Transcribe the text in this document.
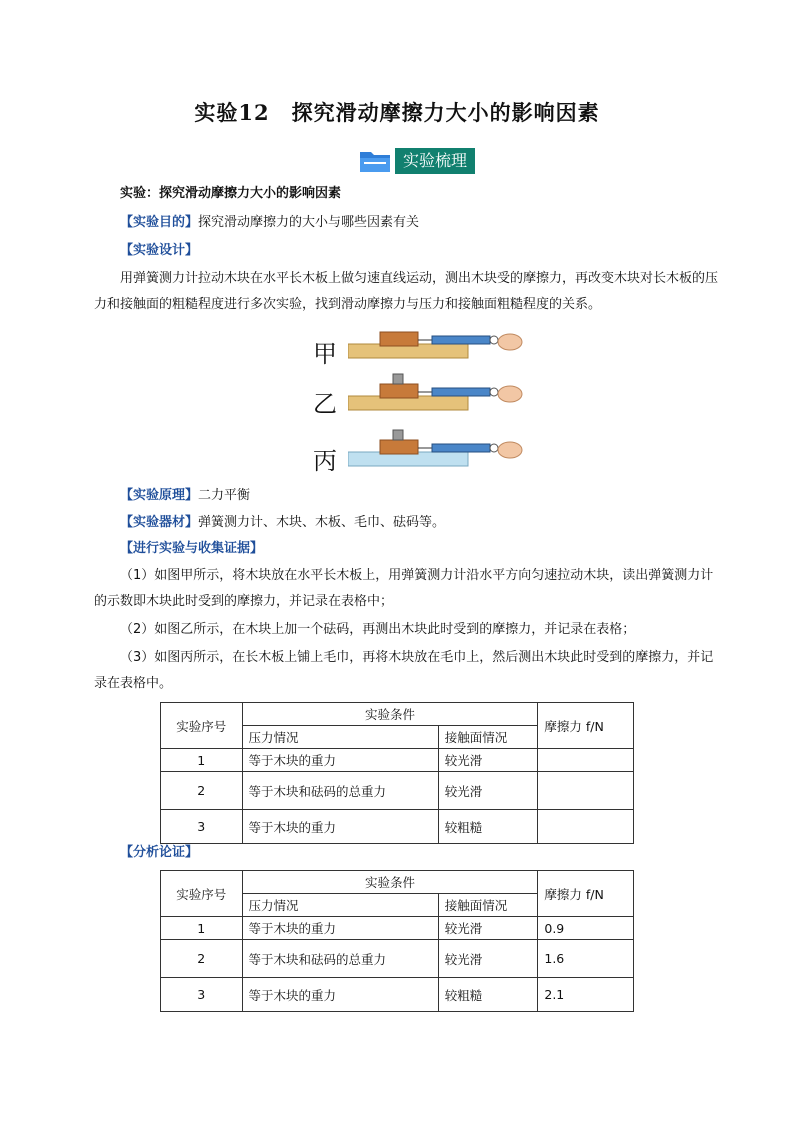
实验12　探究滑动摩擦力大小的影响因素
实验梳理
实验：探究滑动摩擦力大小的影响因素
【实验目的】探究滑动摩擦力的大小与哪些因素有关
【实验设计】
用弹簧测力计拉动木块在水平长木板上做匀速直线运动，测出木块受的摩擦力，再改变木块对长木板的压力和接触面的粗糙程度进行多次实验，找到滑动摩擦力与压力和接触面粗糙程度的关系。
甲
乙
丙
【实验原理】二力平衡
【实验器材】弹簧测力计、木块、木板、毛巾、砝码等。
【进行实验与收集证据】
（1）如图甲所示，将木块放在水平长木板上，用弹簧测力计沿水平方向匀速拉动木块，读出弹簧测力计的示数即木块此时受到的摩擦力，并记录在表格中；
（2）如图乙所示，在木块上加一个砝码，再测出木块此时受到的摩擦力，并记录在表格；
（3）如图丙所示，在长木板上铺上毛巾，再将木块放在毛巾上，然后测出木块此时受到的摩擦力，并记录在表格中。
实验序号	实验条件		摩擦力 f/N
	压力情况	接触面情况	
1	等于木块的重力	较光滑	
2	等于木块和砝码的总重力	较光滑	
3	等于木块的重力	较粗糙	
【分析论证】
实验序号	实验条件		摩擦力 f/N
	压力情况	接触面情况	
1	等于木块的重力	较光滑	0.9
2	等于木块和砝码的总重力	较光滑	1.6
3	等于木块的重力	较粗糙	2.1
